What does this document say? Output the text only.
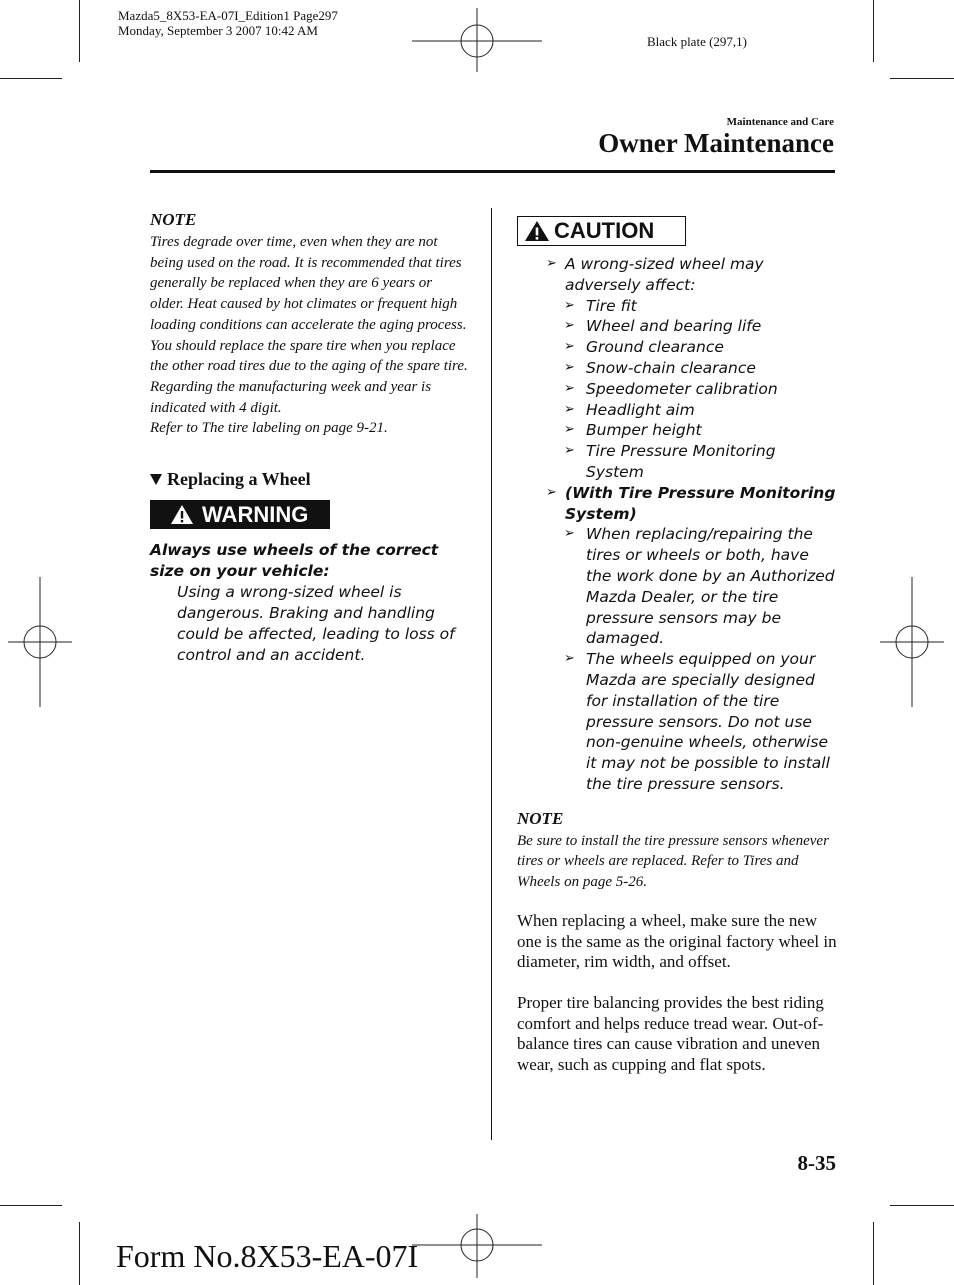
Mazda5_8X53-EA-07I_Edition1 Page297
Monday, September 3 2007 10:42 AM
Black plate (297,1)
Maintenance and Care
Owner Maintenance

NOTE

Tires degrade over time, even when they are not being used on the road. It is recommended that tires generally be replaced when they are 6 years or older. Heat caused by hot climates or frequent high loading conditions can accelerate the aging process. You should replace the spare tire when you replace the other road tires due to the aging of the spare tire. Regarding the manufacturing week and year is indicated with 4 digit.

Refer to The tire labeling on page 9-21.

Replacing a Wheel
WARNING

Always use wheels of the correct size on your vehicle:

Using a wrong-sized wheel is dangerous. Braking and handling could be affected, leading to loss of control and an accident.

CAUTION
➢ A wrong-sized wheel may adversely affect:
➢ Tire fit
➢ Wheel and bearing life
➢ Ground clearance
➢ Snow-chain clearance
➢ Speedometer calibration
➢ Headlight aim
➢ Bumper height
➢ Tire Pressure Monitoring System
➢ (With Tire Pressure Monitoring System)
➢ When replacing/repairing the tires or wheels or both, have the work done by an Authorized Mazda Dealer, or the tire pressure sensors may be damaged.
➢ The wheels equipped on your Mazda are specially designed for installation of the tire pressure sensors. Do not use non-genuine wheels, otherwise it may not be possible to install the tire pressure sensors.

NOTE

Be sure to install the tire pressure sensors whenever tires or wheels are replaced. Refer to Tires and Wheels on page 5-26.

When replacing a wheel, make sure the new one is the same as the original factory wheel in diameter, rim width, and offset.

Proper tire balancing provides the best riding comfort and helps reduce tread wear. Out-of-balance tires can cause vibration and uneven wear, such as cupping and flat spots.

8-35
Form No.8X53-EA-07I
